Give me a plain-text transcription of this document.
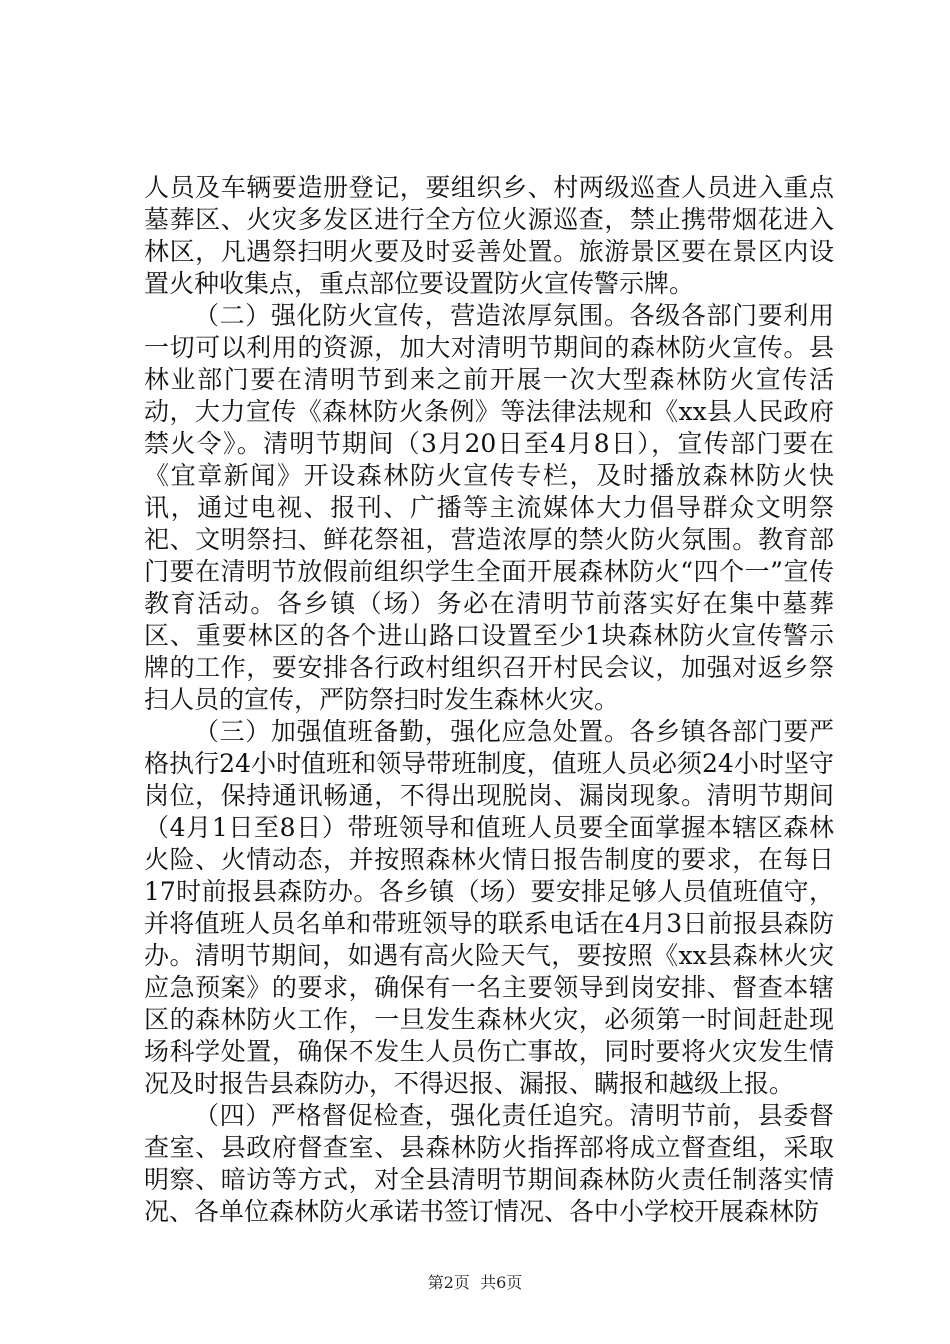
人员及车辆要造册登记，要组织乡、村两级巡查人员进入重点墓葬区、火灾多发区进行全方位火源巡查，禁止携带烟花进入林区，凡遇祭扫明火要及时妥善处置。旅游景区要在景区内设置火种收集点，重点部位要设置防火宣传警示牌。

（二）强化防火宣传，营造浓厚氛围。各级各部门要利用一切可以利用的资源，加大对清明节期间的森林防火宣传。县林业部门要在清明节到来之前开展一次大型森林防火宣传活动，大力宣传《森林防火条例》等法律法规和《xx县人民政府禁火令》。清明节期间（3月20日至4月8日），宣传部门要在《宜章新闻》开设森林防火宣传专栏，及时播放森林防火快讯，通过电视、报刊、广播等主流媒体大力倡导群众文明祭祀、文明祭扫、鲜花祭祖，营造浓厚的禁火防火氛围。教育部门要在清明节放假前组织学生全面开展森林防火“四个一”宣传教育活动。各乡镇（场）务必在清明节前落实好在集中墓葬区、重要林区的各个进山路口设置至少1块森林防火宣传警示牌的工作，要安排各行政村组织召开村民会议，加强对返乡祭扫人员的宣传，严防祭扫时发生森林火灾。

（三）加强值班备勤，强化应急处置。各乡镇各部门要严格执行24小时值班和领导带班制度，值班人员必须24小时坚守岗位，保持通讯畅通，不得出现脱岗、漏岗现象。清明节期间（4月1日至8日）带班领导和值班人员要全面掌握本辖区森林火险、火情动态，并按照森林火情日报告制度的要求，在每日17时前报县森防办。各乡镇（场）要安排足够人员值班值守，并将值班人员名单和带班领导的联系电话在4月3日前报县森防办。清明节期间，如遇有高火险天气，要按照《xx县森林火灾应急预案》的要求，确保有一名主要领导到岗安排、督查本辖区的森林防火工作，一旦发生森林火灾，必须第一时间赶赴现场科学处置，确保不发生人员伤亡事故，同时要将火灾发生情况及时报告县森防办，不得迟报、漏报、瞒报和越级上报。

（四）严格督促检查，强化责任追究。清明节前，县委督查室、县政府督查室、县森林防火指挥部将成立督查组，采取明察、暗访等方式，对全县清明节期间森林防火责任制落实情况、各单位森林防火承诺书签订情况、各中小学校开展森林防

第2页  共6页
